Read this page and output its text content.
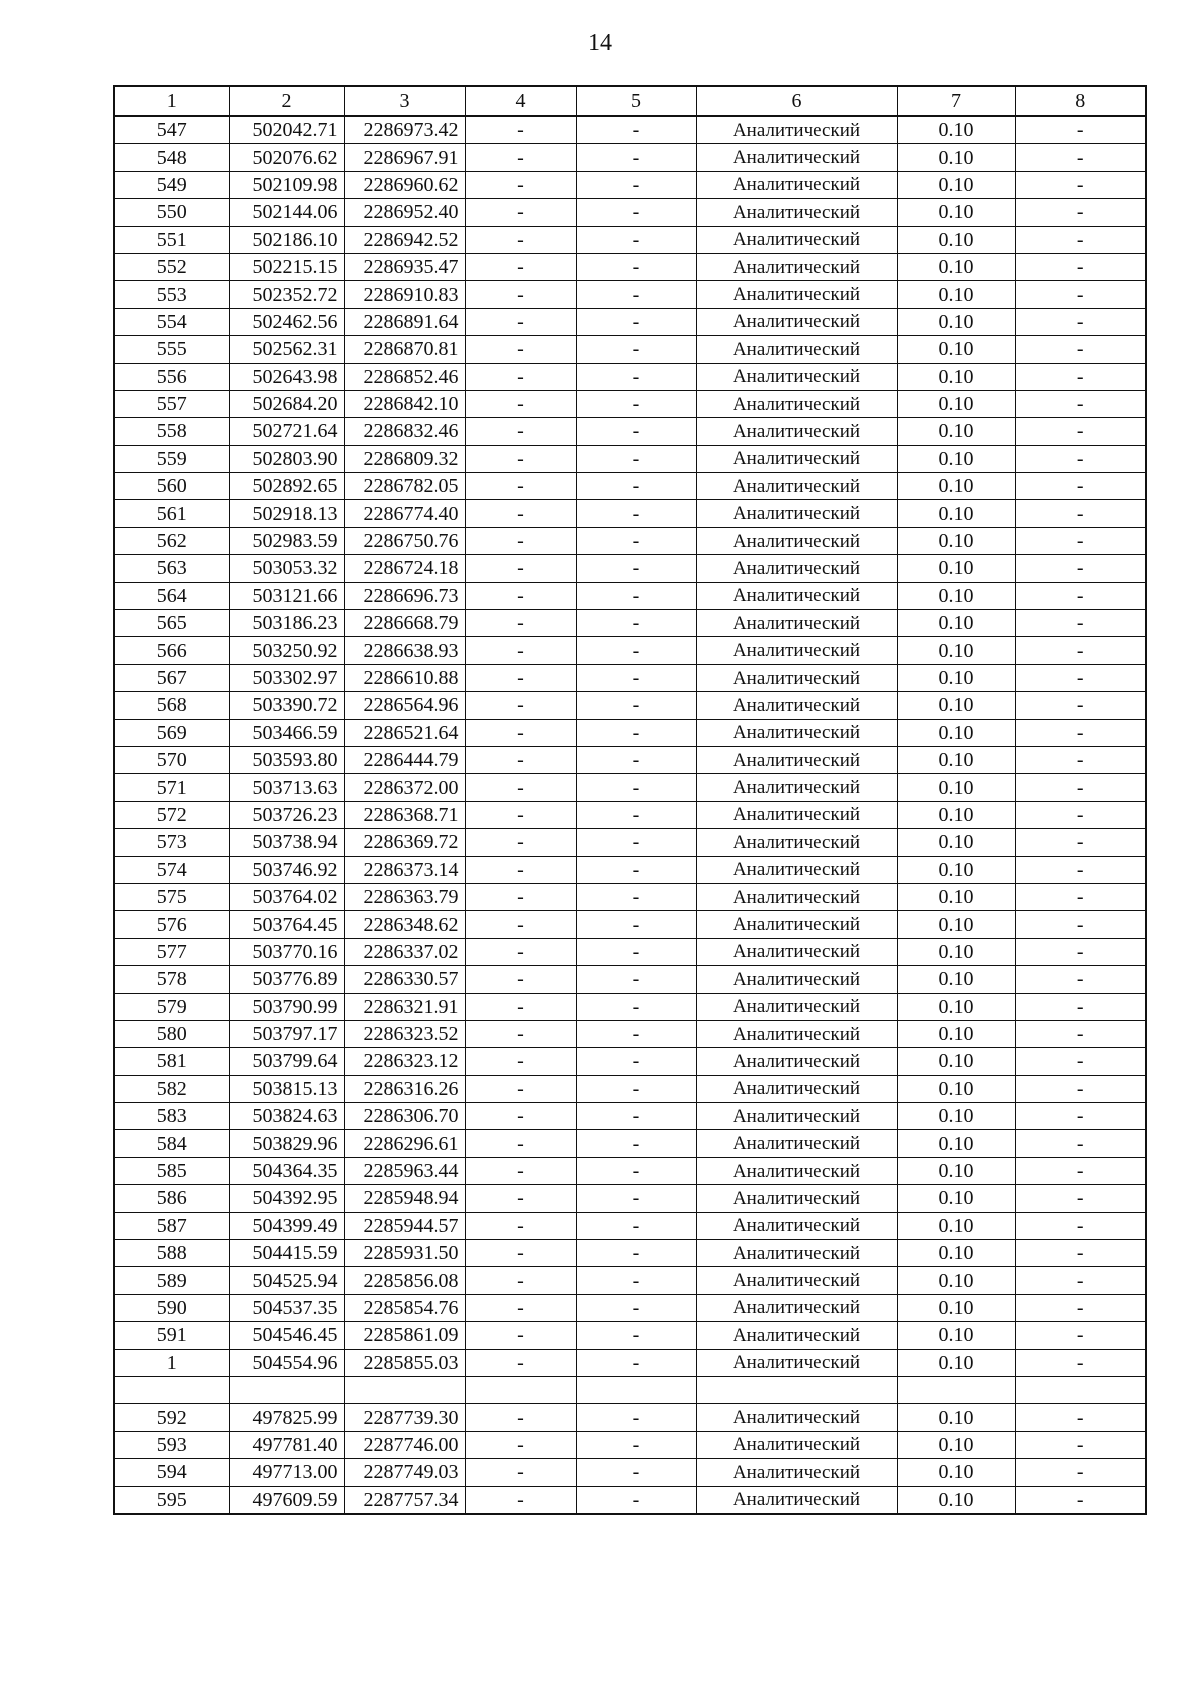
14
1	2	3	4	5	6	7	8
547	502042.71	2286973.42	-	-	Аналитический	0.10	-
548	502076.62	2286967.91	-	-	Аналитический	0.10	-
549	502109.98	2286960.62	-	-	Аналитический	0.10	-
550	502144.06	2286952.40	-	-	Аналитический	0.10	-
551	502186.10	2286942.52	-	-	Аналитический	0.10	-
552	502215.15	2286935.47	-	-	Аналитический	0.10	-
553	502352.72	2286910.83	-	-	Аналитический	0.10	-
554	502462.56	2286891.64	-	-	Аналитический	0.10	-
555	502562.31	2286870.81	-	-	Аналитический	0.10	-
556	502643.98	2286852.46	-	-	Аналитический	0.10	-
557	502684.20	2286842.10	-	-	Аналитический	0.10	-
558	502721.64	2286832.46	-	-	Аналитический	0.10	-
559	502803.90	2286809.32	-	-	Аналитический	0.10	-
560	502892.65	2286782.05	-	-	Аналитический	0.10	-
561	502918.13	2286774.40	-	-	Аналитический	0.10	-
562	502983.59	2286750.76	-	-	Аналитический	0.10	-
563	503053.32	2286724.18	-	-	Аналитический	0.10	-
564	503121.66	2286696.73	-	-	Аналитический	0.10	-
565	503186.23	2286668.79	-	-	Аналитический	0.10	-
566	503250.92	2286638.93	-	-	Аналитический	0.10	-
567	503302.97	2286610.88	-	-	Аналитический	0.10	-
568	503390.72	2286564.96	-	-	Аналитический	0.10	-
569	503466.59	2286521.64	-	-	Аналитический	0.10	-
570	503593.80	2286444.79	-	-	Аналитический	0.10	-
571	503713.63	2286372.00	-	-	Аналитический	0.10	-
572	503726.23	2286368.71	-	-	Аналитический	0.10	-
573	503738.94	2286369.72	-	-	Аналитический	0.10	-
574	503746.92	2286373.14	-	-	Аналитический	0.10	-
575	503764.02	2286363.79	-	-	Аналитический	0.10	-
576	503764.45	2286348.62	-	-	Аналитический	0.10	-
577	503770.16	2286337.02	-	-	Аналитический	0.10	-
578	503776.89	2286330.57	-	-	Аналитический	0.10	-
579	503790.99	2286321.91	-	-	Аналитический	0.10	-
580	503797.17	2286323.52	-	-	Аналитический	0.10	-
581	503799.64	2286323.12	-	-	Аналитический	0.10	-
582	503815.13	2286316.26	-	-	Аналитический	0.10	-
583	503824.63	2286306.70	-	-	Аналитический	0.10	-
584	503829.96	2286296.61	-	-	Аналитический	0.10	-
585	504364.35	2285963.44	-	-	Аналитический	0.10	-
586	504392.95	2285948.94	-	-	Аналитический	0.10	-
587	504399.49	2285944.57	-	-	Аналитический	0.10	-
588	504415.59	2285931.50	-	-	Аналитический	0.10	-
589	504525.94	2285856.08	-	-	Аналитический	0.10	-
590	504537.35	2285854.76	-	-	Аналитический	0.10	-
591	504546.45	2285861.09	-	-	Аналитический	0.10	-
1	504554.96	2285855.03	-	-	Аналитический	0.10	-

592	497825.99	2287739.30	-	-	Аналитический	0.10	-
593	497781.40	2287746.00	-	-	Аналитический	0.10	-
594	497713.00	2287749.03	-	-	Аналитический	0.10	-
595	497609.59	2287757.34	-	-	Аналитический	0.10	-
